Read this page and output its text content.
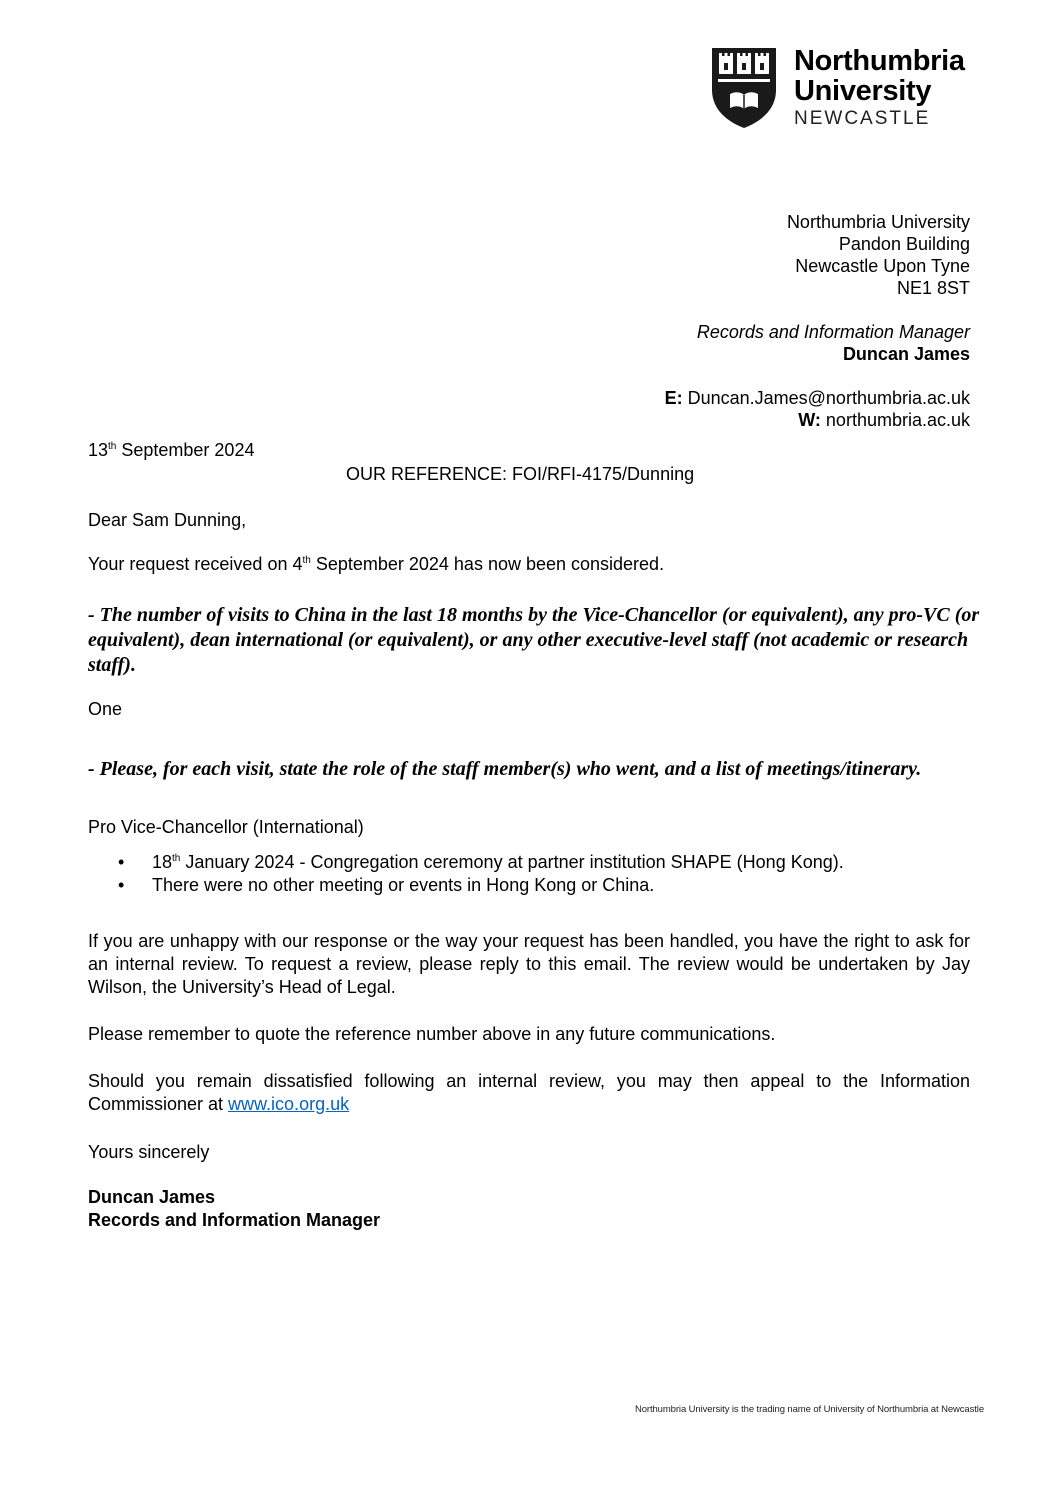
Northumbria
University
NEWCASTLE
Northumbria University
Pandon Building
Newcastle Upon Tyne
NE1 8ST
Records and Information Manager
Duncan James
E: Duncan.James@northumbria.ac.uk
W: northumbria.ac.uk
13th September 2024
OUR REFERENCE: FOI/RFI-4175/Dunning
Dear Sam Dunning,
Your request received on 4th September 2024 has now been considered.

- The number of visits to China in the last 18 months by the Vice-Chancellor (or equivalent), any pro-VC (or equivalent), dean international (or equivalent), or any other executive-level staff (not academic or research staff).

One

- Please, for each visit, state the role of the staff member(s) who went, and a list of meetings/itinerary.

Pro Vice-Chancellor (International)
• 18th January 2024 - Congregation ceremony at partner institution SHAPE (Hong Kong).
• There were no other meeting or events in Hong Kong or China.

If you are unhappy with our response or the way your request has been handled, you have the right to ask for an internal review. To request a review, please reply to this email. The review would be undertaken by Jay Wilson, the University’s Head of Legal.

Please remember to quote the reference number above in any future communications.

Should you remain dissatisfied following an internal review, you may then appeal to the Information Commissioner at www.ico.org.uk

Yours sincerely
Duncan James
Records and Information Manager
Northumbria University is the trading name of University of Northumbria at Newcastle
